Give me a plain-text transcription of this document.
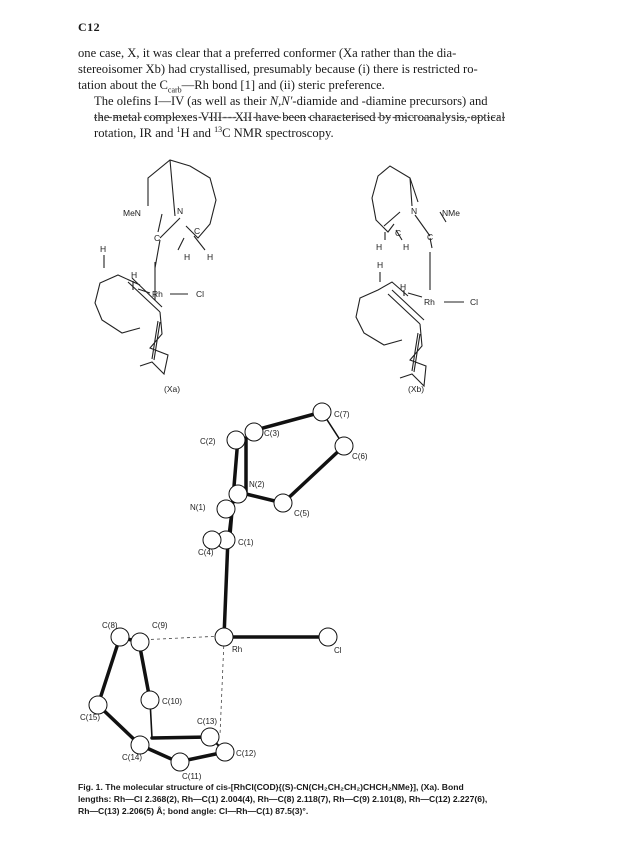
C12

one case, X, it was clear that a preferred conformer (Xa rather than the dia-
stereoisomer Xb) had crystallised, presumably because (i) there is restricted ro-
tation about the $C_{carb}—Rh$ bond [1] and (ii) steric preference.

The olefins I—IV (as well as their N,N′-diamide and -diamine precursors) and
the metal complexes VIII—XII have been characterised by microanalysis, optical
rotation, IR and $^1$H and $^{13}$C NMR spectroscopy.

MeN	N
C
C
H
H H
H
Rh	Cl
(Xa)
N	NMe
C	C
H H
H
H
Rh	Cl
(Xb)
C(7)
C(3)
C(2)
C(6)
N(2)
N(1)
C(5)
C(1)
C(4)
C(8)	C(9)
Rh	Cl
C(10)
C(15)	C(13)
C(14)	C(12)
C(11)
Fig. 1. The molecular structure of cis-[RhCl(COD){(S)-CN(CH₂CH₂CH₂)CHCH₂NMe}], (Xa). Bond
lengths: Rh—Cl 2.368(2), Rh—C(1) 2.004(4), Rh—C(8) 2.118(7), Rh—C(9) 2.101(8), Rh—C(12) 2.227(6),
Rh—C(13) 2.206(5) Å; bond angle: Cl—Rh—C(1) 87.5(3)°.
